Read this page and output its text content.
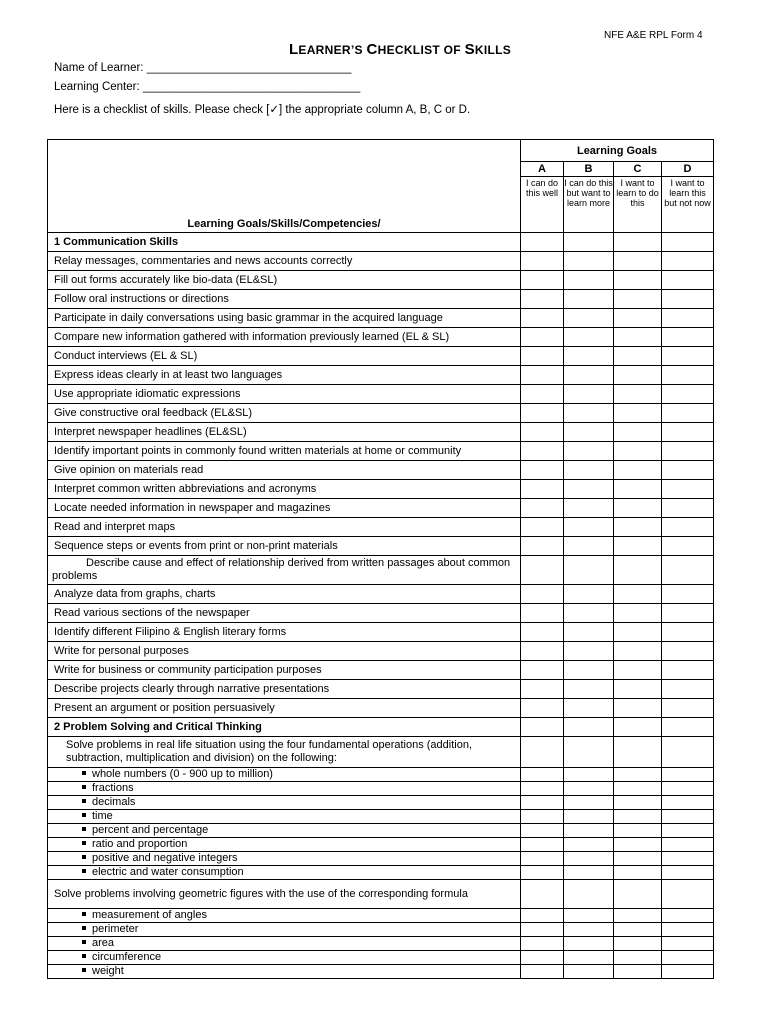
NFE A&E RPL Form 4
LEARNER’S CHECKLIST OF SKILLS
Name of Learner: ________________________________
Learning Center: __________________________________
Here is a checklist of skills. Please check [✓] the appropriate column A, B, C or D.
Learning Goals/Skills/Competencies/	Learning Goals			
	A	B	C	D
	I can do this well	I can do this but want to learn more	I want to learn to do this	I want to learn this but not now
1 Communication Skills				
Relay messages, commentaries and news accounts correctly				
Fill out forms accurately like bio-data (EL&SL)				
Follow oral instructions or directions				
Participate in daily conversations using basic grammar in the acquired language				
Compare new information gathered with information previously learned (EL & SL)				
Conduct interviews (EL & SL)				
Express ideas clearly in at least two languages				
Use appropriate idiomatic expressions				
Give constructive oral feedback (EL&SL)				
Interpret newspaper headlines (EL&SL)				
Identify important points in commonly found written materials at home or community				
Give opinion on materials read				
Interpret common written abbreviations and acronyms				
Locate needed information in newspaper and magazines				
Read and interpret maps				
Sequence steps or events from print or non-print materials				
Describe cause and effect of relationship derived from written passages about common problems				
Analyze data from graphs, charts				
Read various sections of the newspaper				
Identify different Filipino & English literary forms				
Write for personal purposes				
Write for business or community participation purposes				
Describe projects clearly through narrative presentations				
Present an argument or position persuasively				
2 Problem Solving and Critical Thinking				
Solve problems in real life situation using the four fundamental operations (addition, subtraction, multiplication and division) on the following:				
whole numbers (0 - 900 up to million)				
fractions				
decimals				
time				
percent and percentage				
ratio and proportion				
positive and negative integers				
electric and water consumption				
Solve problems involving geometric figures with the use of the corresponding formula				
measurement of angles				
perimeter				
area				
circumference				
weight				
